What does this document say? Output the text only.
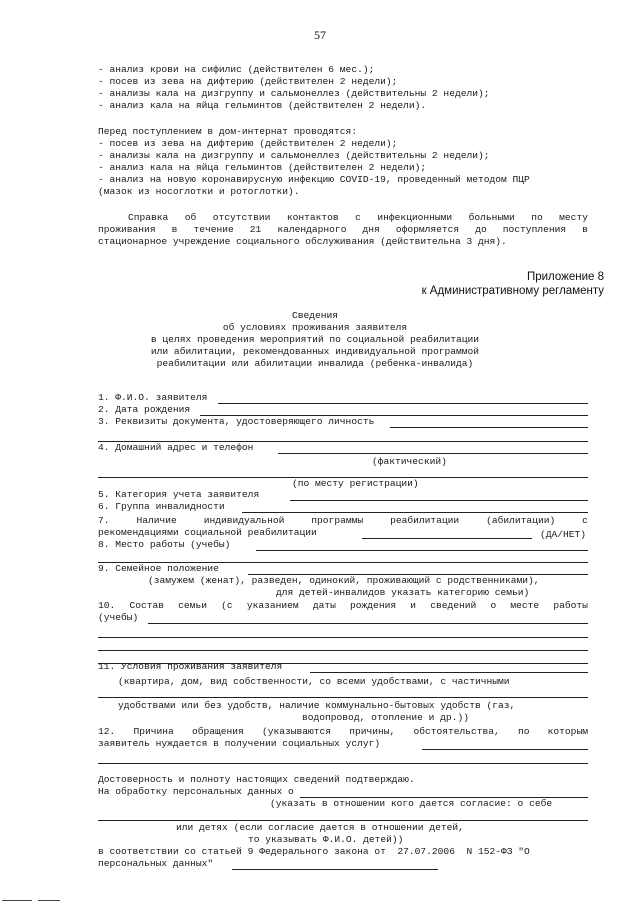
57
- анализ крови на сифилис (действителен 6 мес.);
- посев из зева на дифтерию (действителен 2 недели);
- анализы кала на дизгруппу и сальмонеллез (действительны 2 недели);
- анализ кала на яйца гельминтов (действителен 2 недели).
Перед поступлением в дом-интернат проводятся:
- посев из зева на дифтерию (действителен 2 недели);
- анализы кала на дизгруппу и сальмонеллез (действительны 2 недели);
- анализ кала на яйца гельминтов (действителен 2 недели);
- анализ на новую коронавирусную инфекцию COVID-19, проведенный методом ПЦР
(мазок из носоглотки и ротоглотки).
Справка об отсутствии контактов с инфекционными больными по месту
проживания в течение 21 календарного дня оформляется до поступления в
стационарное учреждение социального обслуживания (действительна 3 дня).
Приложение 8
к Административному регламенту
Сведения
об условиях проживания заявителя
в целях проведения мероприятий по социальной реабилитации
или абилитации, рекомендованных индивидуальной программой
реабилитации или абилитации инвалида (ребенка-инвалида)
1. Ф.И.О. заявителя
2. Дата рождения
3. Реквизиты документа, удостоверяющего личность
4. Домашний адрес и телефон
(фактический)
(по месту регистрации)
5. Категория учета заявителя
6. Группа инвалидности
7.	Наличие	индивидуальной	программы	реабилитации	(абилитации)	с
рекомендациями социальной реабилитации	(ДА/НЕТ)
8. Место работы (учебы)
9. Семейное положение
(замужем (женат), разведен, одинокий, проживающий с родственниками),
для детей-инвалидов указать категорию семьи)
10. Состав семьи (с указанием даты рождения и сведений о месте работы
(учебы)
11. Условия проживания заявителя
(квартира, дом, вид собственности, со всеми удобствами, с частичными
удобствами или без удобств, наличие коммунально-бытовых удобств (газ,
водопровод, отопление и др.))
12. Причина обращения (указываются причины, обстоятельства, по которым
заявитель нуждается в получении социальных услуг)
Достоверность и полноту настоящих сведений подтверждаю.
На обработку персональных данных о
(указать в отношении кого дается согласие: о себе
или детях (если согласие дается в отношении детей,
то указывать Ф.И.О. детей))
в соответствии со статьей 9 Федерального закона от  27.07.2006  N 152-ФЗ "О
персональных данных"
